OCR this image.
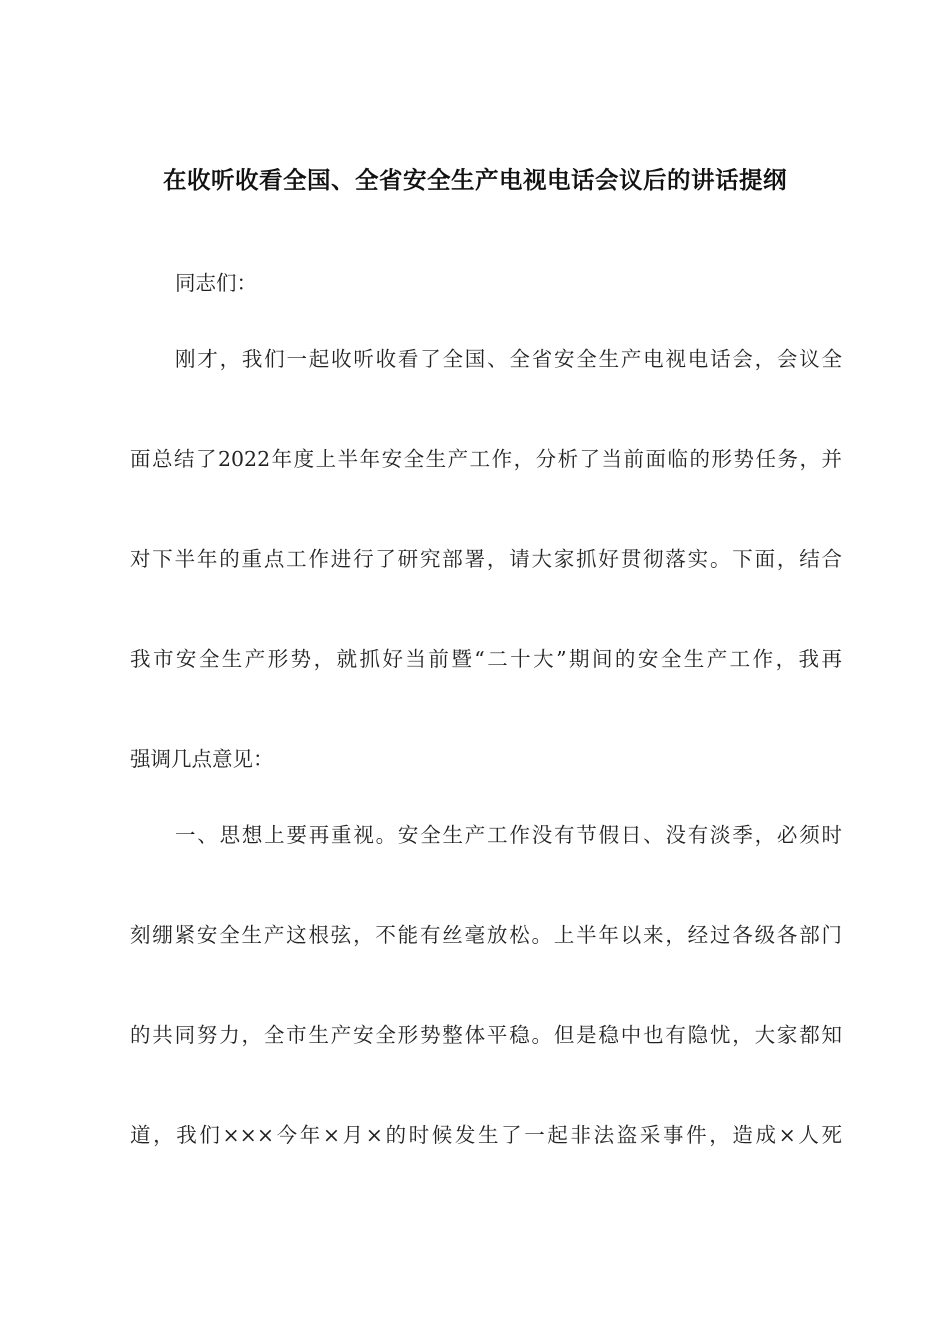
在收听收看全国、全省安全生产电视电话会议后的讲话提纲
同志们：
刚才，我们一起收听收看了全国、全省安全生产电视电话会，会议全
面总结了2022年度上半年安全生产工作，分析了当前面临的形势任务，并
对下半年的重点工作进行了研究部署，请大家抓好贯彻落实。下面，结合
我市安全生产形势，就抓好当前暨“二十大”期间的安全生产工作，我再
强调几点意见：
一、思想上要再重视。安全生产工作没有节假日、没有淡季，必须时
刻绷紧安全生产这根弦，不能有丝毫放松。上半年以来，经过各级各部门
的共同努力，全市生产安全形势整体平稳。但是稳中也有隐忧，大家都知
道，我们×××今年×月×的时候发生了一起非法盗采事件，造成×人死
